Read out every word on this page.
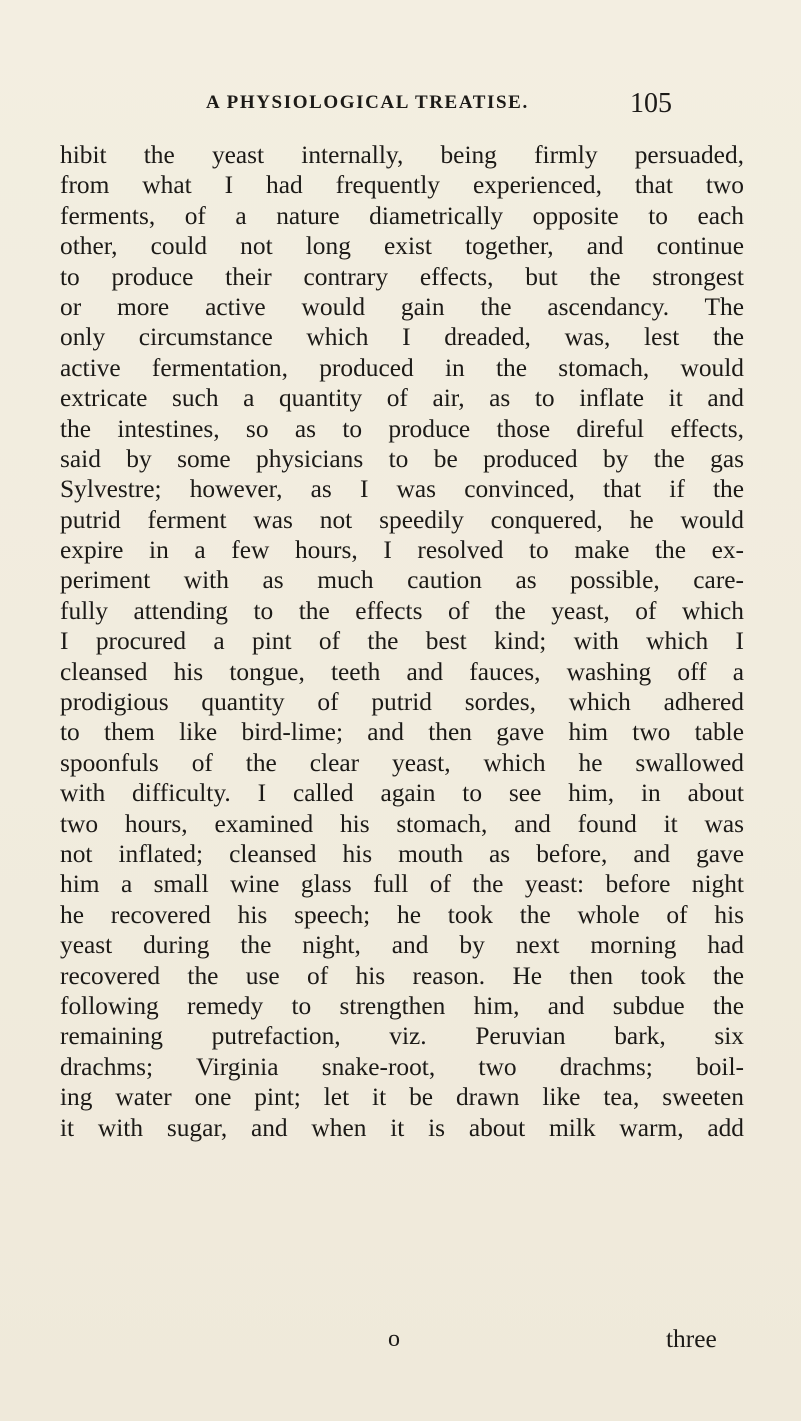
A PHYSIOLOGICAL TREATISE.	105
hibit the yeast internally, being firmly persuaded,
from what I had frequently experienced, that two
ferments, of a nature diametrically opposite to each
other, could not long exist together, and continue
to produce their contrary effects, but the strongest
or more active would gain the ascendancy. The
only circumstance which I dreaded, was, lest the
active fermentation, produced in the stomach, would
extricate such a quantity of air, as to inflate it and
the intestines, so as to produce those direful effects,
said by some physicians to be produced by the gas
Sylvestre; however, as I was convinced, that if the
putrid ferment was not speedily conquered, he would
expire in a few hours, I resolved to make the ex-
periment with as much caution as possible, care-
fully attending to the effects of the yeast, of which
I procured a pint of the best kind; with which I
cleansed his tongue, teeth and fauces, washing off a
prodigious quantity of putrid sordes, which adhered
to them like bird-lime; and then gave him two table
spoonfuls of the clear yeast, which he swallowed
with difficulty. I called again to see him, in about
two hours, examined his stomach, and found it was
not inflated; cleansed his mouth as before, and gave
him a small wine glass full of the yeast: before night
he recovered his speech; he took the whole of his
yeast during the night, and by next morning had
recovered the use of his reason. He then took the
following remedy to strengthen him, and subdue the
remaining putrefaction, viz. Peruvian bark, six
drachms; Virginia snake-root, two drachms; boil-
ing water one pint; let it be drawn like tea, sweeten
it with sugar, and when it is about milk warm, add
o	three
